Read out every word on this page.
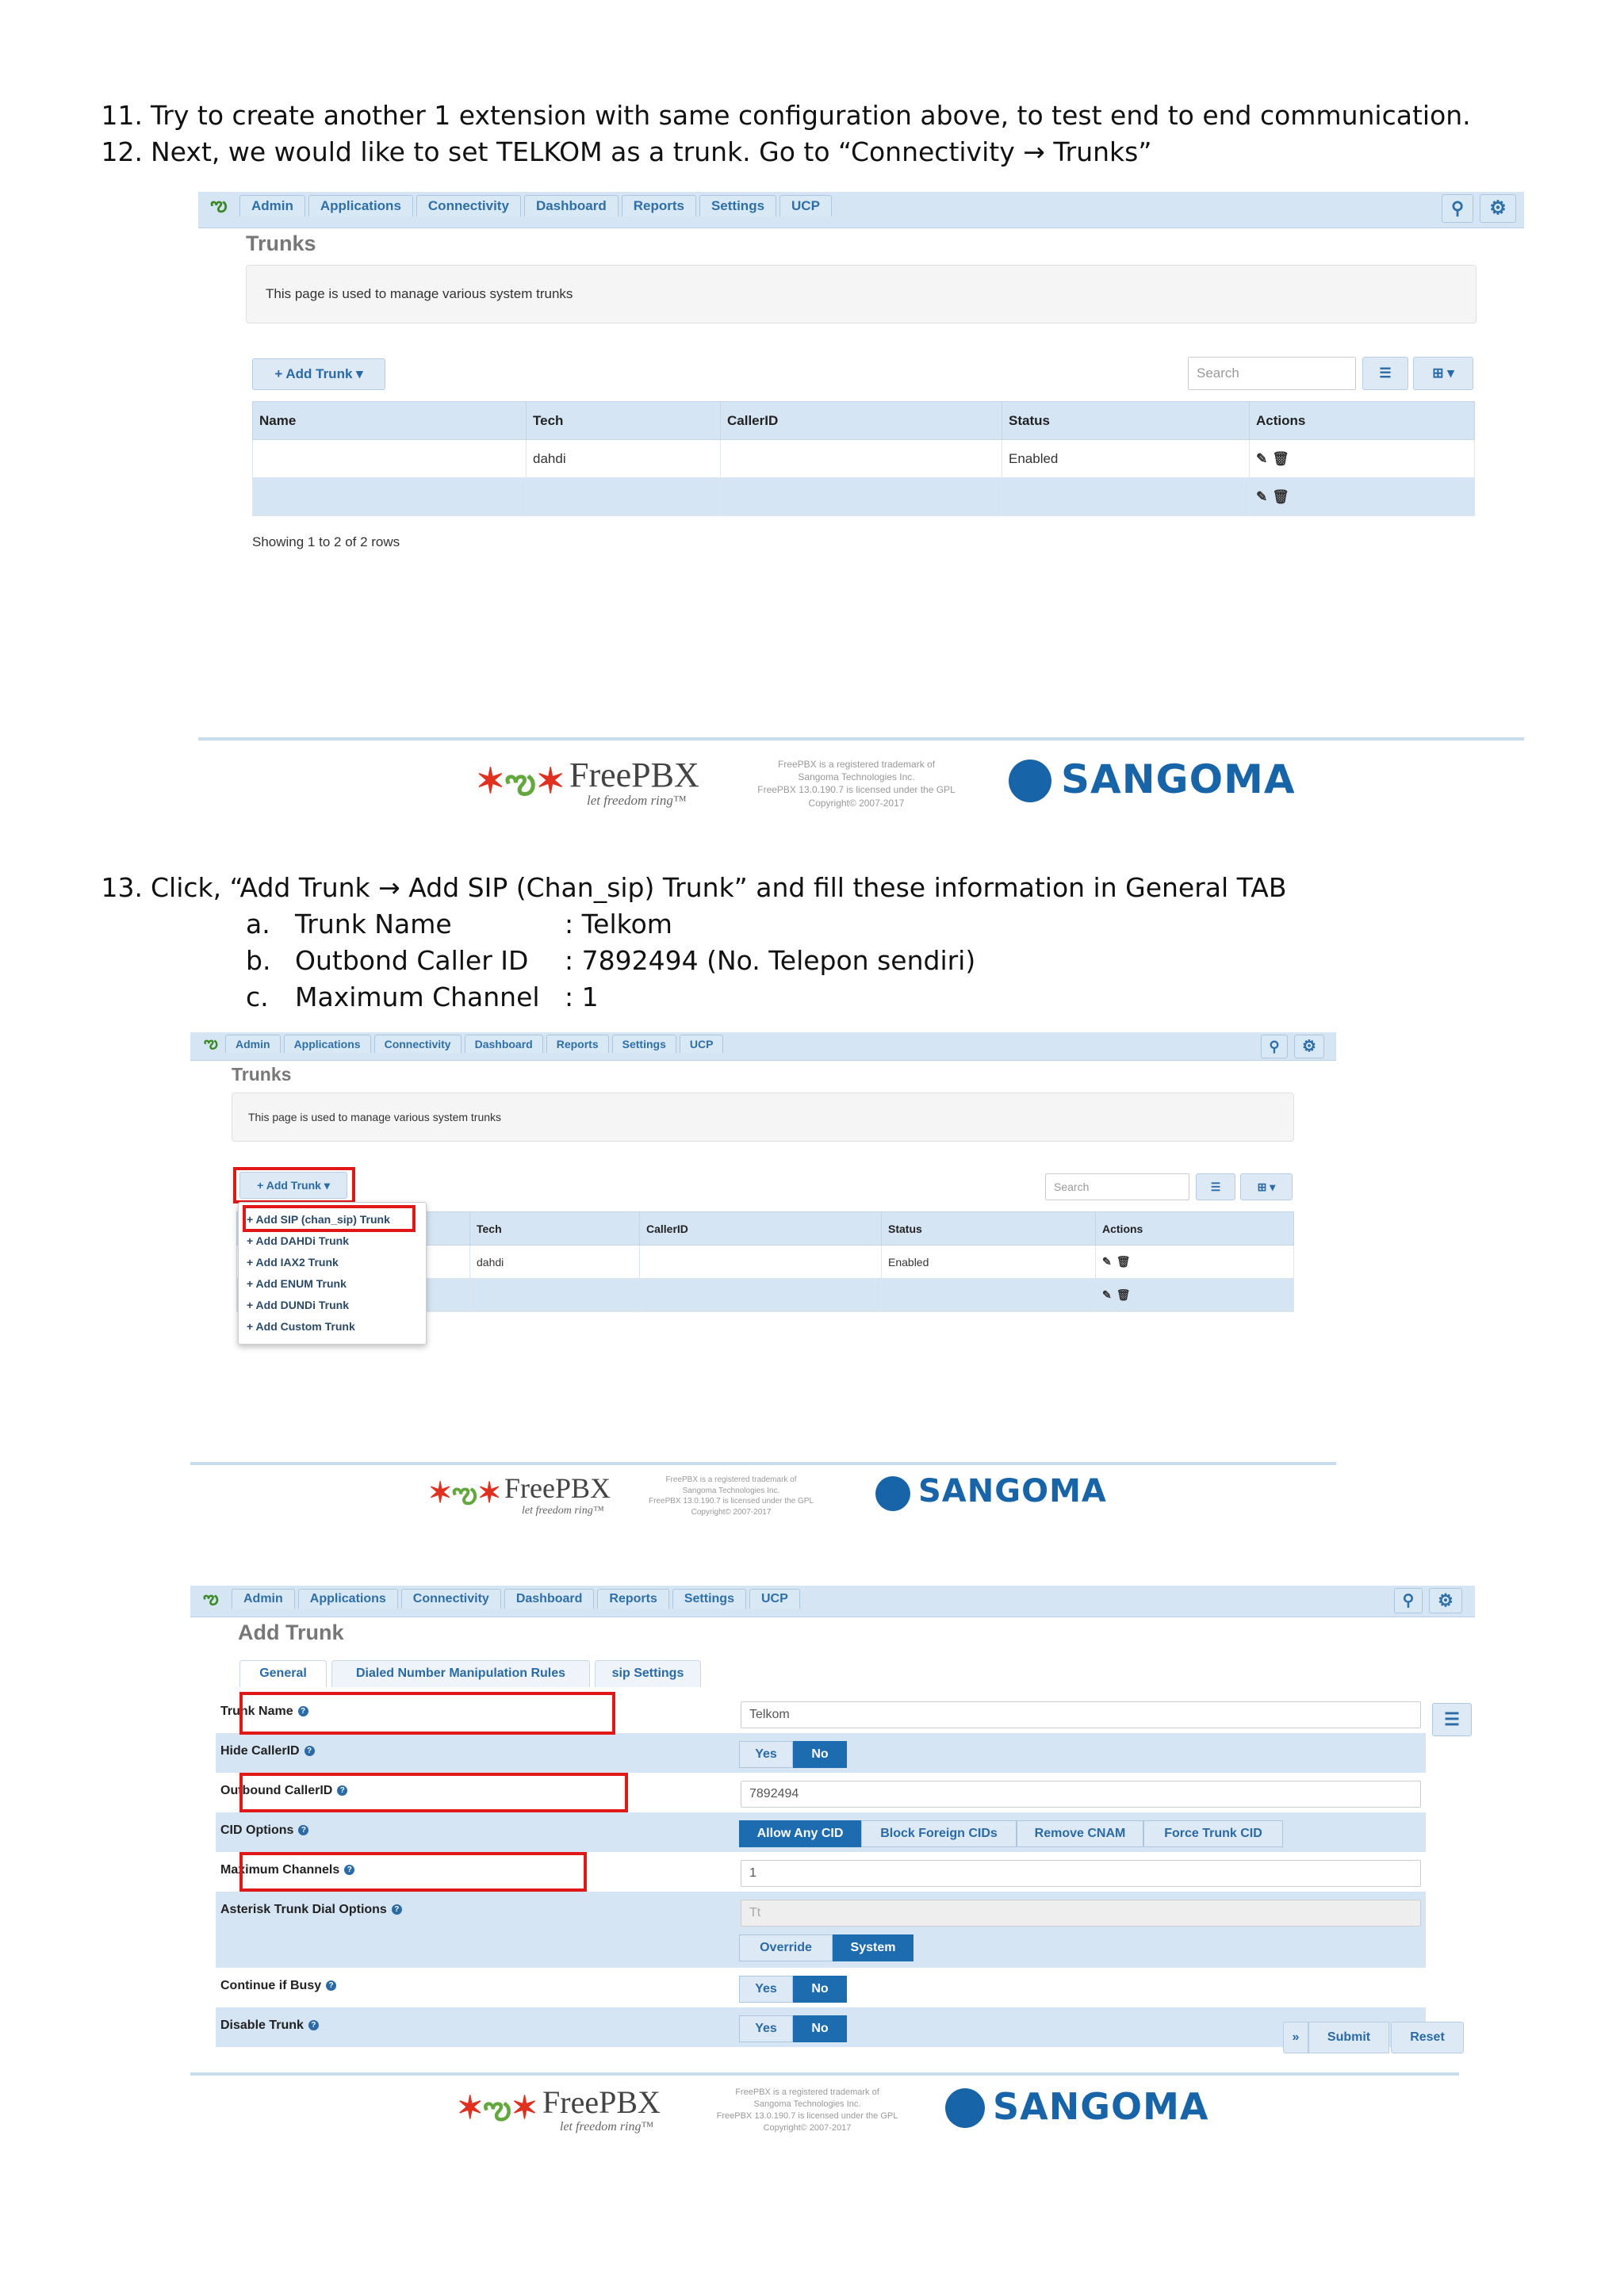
11. Try to create another 1 extension with same configuration above, to test end to end communication.
12. Next, we would like to set TELKOM as a trunk. Go to “Connectivity → Trunks”
ఌ	Admin	Applications	Connectivity	Dashboard	Reports	Settings	UCP	⚲	⚙
Trunks
This page is used to manage various system trunks
+ Add Trunk ▾	Search	☰	⊞ ▾
Name	Tech	CallerID	Status	Actions
	dahdi		Enabled	✎🗑
				✎🗑
Showing 1 to 2 of 2 rows
✶ఌ✶ FreePBX
let freedom ring™
FreePBX is a registered trademark of
Sangoma Technologies Inc.
FreePBX 13.0.190.7 is licensed under the GPL
Copyright© 2007-2017
SANGOMA
13. Click, “Add Trunk → Add SIP (Chan_sip) Trunk” and fill these information in General TAB
a. Trunk Name	: Telkom
b. Outbond Caller ID : 7892494 (No. Telepon sendiri)
c. Maximum Channel : 1
ఌ	Admin	Applications	Connectivity	Dashboard	Reports	Settings	UCP	⚲	⚙
Trunks
This page is used to manage various system trunks
+ Add Trunk ▾	Search	☰	⊞ ▾
	Tech	CallerID	Status	Actions
	dahdi		Enabled	✎🗑
				✎🗑
+ Add SIP (chan_sip) Trunk
+ Add DAHDi Trunk
+ Add IAX2 Trunk
+ Add ENUM Trunk
+ Add DUNDi Trunk
+ Add Custom Trunk
✶ఌ✶ FreePBX
let freedom ring™
FreePBX is a registered trademark of
Sangoma Technologies Inc.
FreePBX 13.0.190.7 is licensed under the GPL
Copyright© 2007-2017
SANGOMA
ఌ	Admin	Applications	Connectivity	Dashboard	Reports	Settings	UCP	⚲	⚙
Add Trunk
General	Dialed Number Manipulation Rules	sip Settings
Trunk Name ?	Telkom
Hide CallerID ?	Yes	No
Outbound CallerID ?	7892494
CID Options ?	Allow Any CID	Block Foreign CIDs	Remove CNAM	Force Trunk CID
Maximum Channels ?	1
Asterisk Trunk Dial Options ?	Tt
Override	System
Continue if Busy ?	Yes	No
Disable Trunk ?	Yes	No
☰
»	Submit	Reset
✶ఌ✶ FreePBX
let freedom ring™
FreePBX is a registered trademark of
Sangoma Technologies Inc.
FreePBX 13.0.190.7 is licensed under the GPL
Copyright© 2007-2017	SANGOMA
